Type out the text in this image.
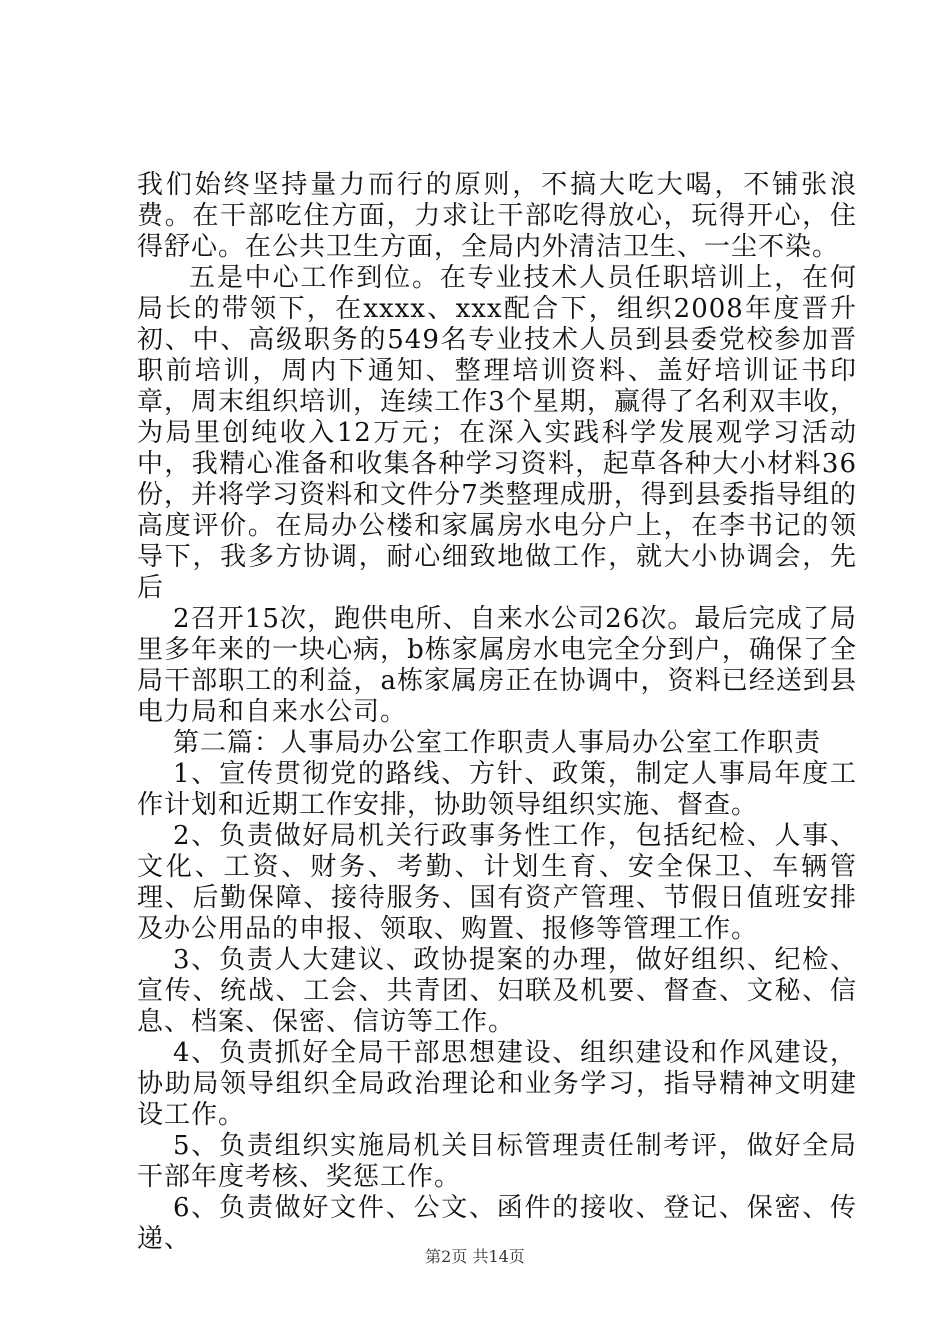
我们始终坚持量力而行的原则，不搞大吃大喝，不铺张浪费。在干部吃住方面，力求让干部吃得放心，玩得开心，住得舒心。在公共卫生方面，全局内外清洁卫生、一尘不染。

五是中心工作到位。在专业技术人员任职培训上，在何局长的带领下，在xxxx、xxx配合下，组织2008年度晋升初、中、高级职务的549名专业技术人员到县委党校参加晋职前培训，周内下通知、整理培训资料、盖好培训证书印章，周末组织培训，连续工作3个星期，赢得了名利双丰收，为局里创纯收入12万元；在深入实践科学发展观学习活动中，我精心准备和收集各种学习资料，起草各种大小材料36份，并将学习资料和文件分7类整理成册，得到县委指导组的高度评价。在局办公楼和家属房水电分户上，在李书记的领导下，我多方协调，耐心细致地做工作，就大小协调会，先后

2召开15次，跑供电所、自来水公司26次。最后完成了局里多年来的一块心病，b栋家属房水电完全分到户，确保了全局干部职工的利益，a栋家属房正在协调中，资料已经送到县电力局和自来水公司。

第二篇：人事局办公室工作职责人事局办公室工作职责

1、宣传贯彻党的路线、方针、政策，制定人事局年度工作计划和近期工作安排，协助领导组织实施、督查。

2、负责做好局机关行政事务性工作，包括纪检、人事、文化、工资、财务、考勤、计划生育、安全保卫、车辆管理、后勤保障、接待服务、国有资产管理、节假日值班安排及办公用品的申报、领取、购置、报修等管理工作。

3、负责人大建议、政协提案的办理，做好组织、纪检、宣传、统战、工会、共青团、妇联及机要、督查、文秘、信息、档案、保密、信访等工作。

4、负责抓好全局干部思想建设、组织建设和作风建设，协助局领导组织全局政治理论和业务学习，指导精神文明建设工作。

5、负责组织实施局机关目标管理责任制考评，做好全局干部年度考核、奖惩工作。

6、负责做好文件、公文、函件的接收、登记、保密、传递、

第2页 共14页
